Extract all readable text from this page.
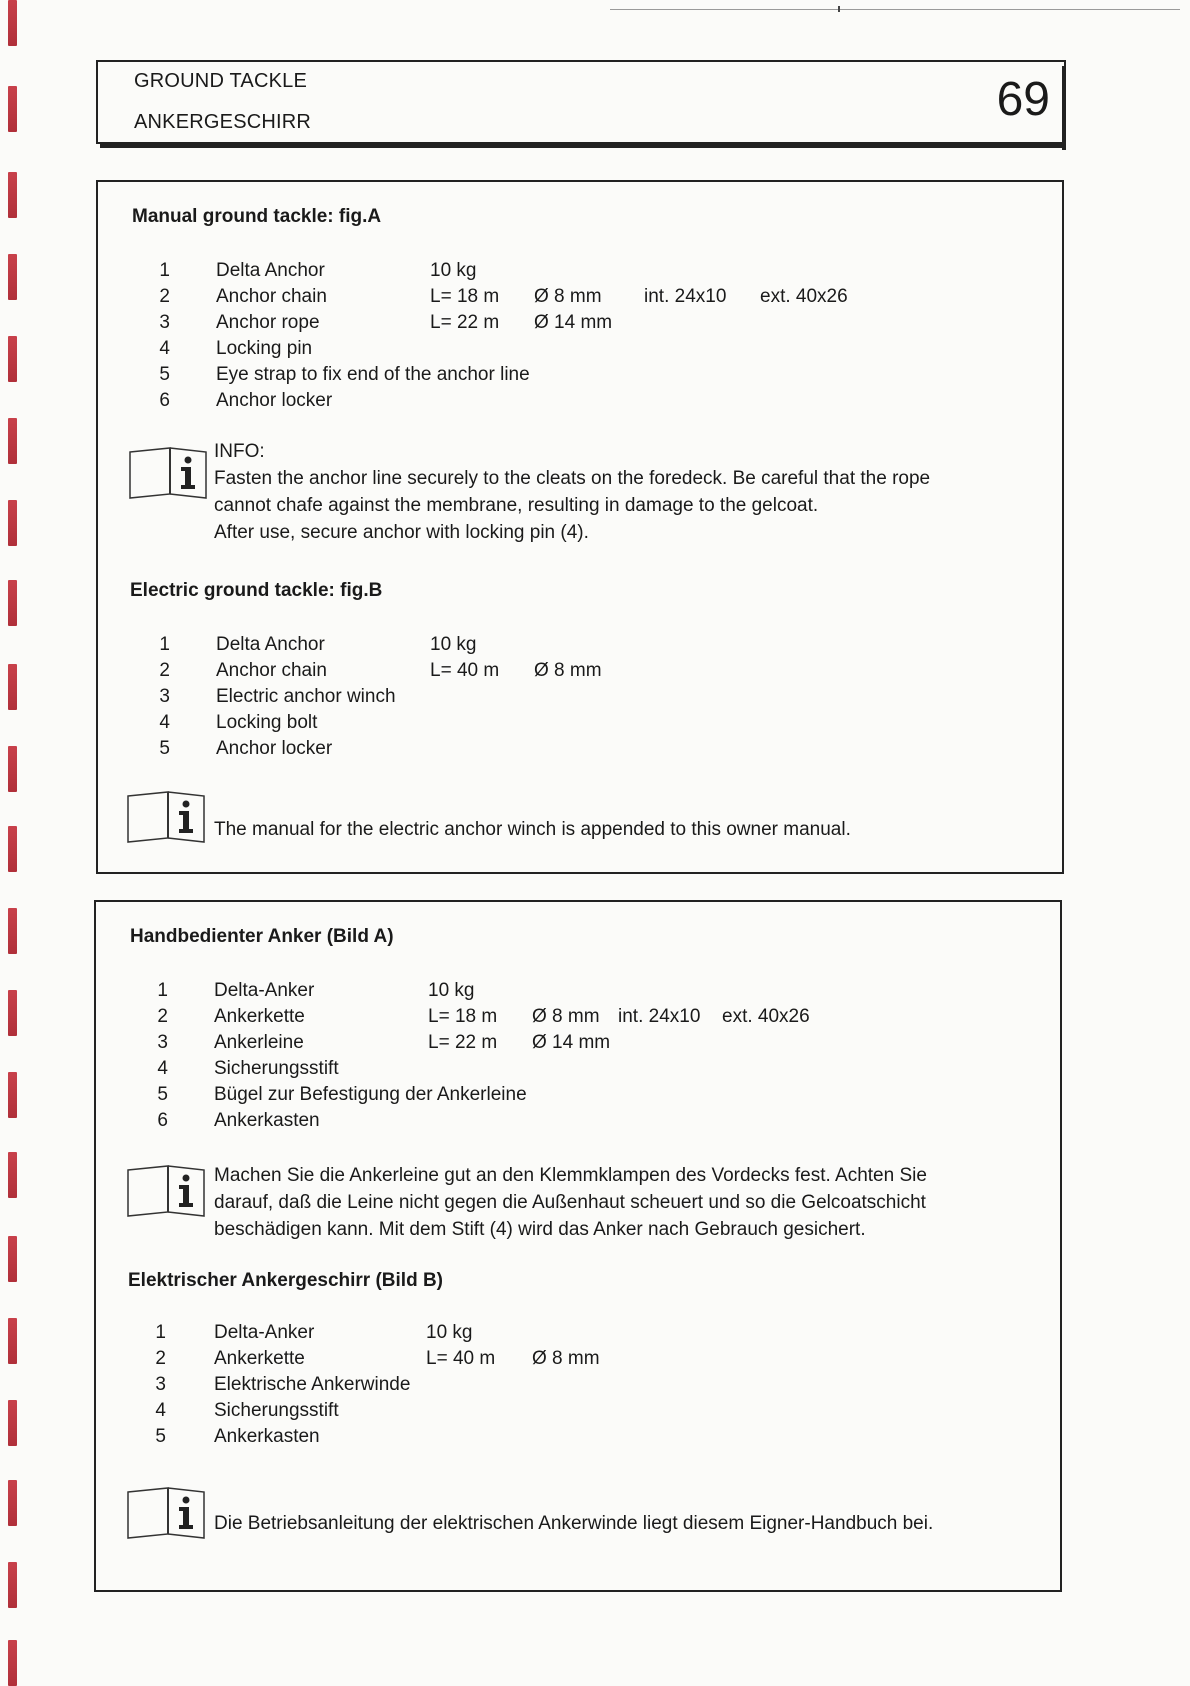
GROUND TACKLE
ANKERGESCHIRR	69
Manual ground tackle: fig.A
1 Delta Anchor	10 kg
2 Anchor chain	L= 18 m Ø 8 mm int. 24x10 ext. 40x26
3 Anchor rope	L= 22 m Ø 14 mm
4 Locking pin
5 Eye strap to fix end of the anchor line
6 Anchor locker
INFO:
Fasten the anchor line securely to the cleats on the foredeck. Be careful that the rope
cannot chafe against the membrane, resulting in damage to the gelcoat.
After use, secure anchor with locking pin (4).
Electric ground tackle: fig.B
1 Delta Anchor	10 kg
2 Anchor chain	L= 40 m Ø 8 mm
3 Electric anchor winch
4 Locking bolt
5 Anchor locker
The manual for the electric anchor winch is appended to this owner manual.
Handbedienter Anker (Bild A)
1 Delta-Anker	10 kg
2 Ankerkette	L= 18 m Ø 8 mm int. 24x10 ext. 40x26
3 Ankerleine	L= 22 m Ø 14 mm
4 Sicherungsstift
5 Bügel zur Befestigung der Ankerleine
6 Ankerkasten
Machen Sie die Ankerleine gut an den Klemmklampen des Vordecks fest. Achten Sie
darauf, daß die Leine nicht gegen die Außenhaut scheuert und so die Gelcoatschicht
beschädigen kann. Mit dem Stift (4) wird das Anker nach Gebrauch gesichert.
Elektrischer Ankergeschirr (Bild B)
1	Delta-Anker	10 kg
2	Ankerkette	L= 40 m Ø 8 mm
3	Elektrische Ankerwinde
4	Sicherungsstift
5	Ankerkasten
Die Betriebsanleitung der elektrischen Ankerwinde liegt diesem Eigner-Handbuch bei.
